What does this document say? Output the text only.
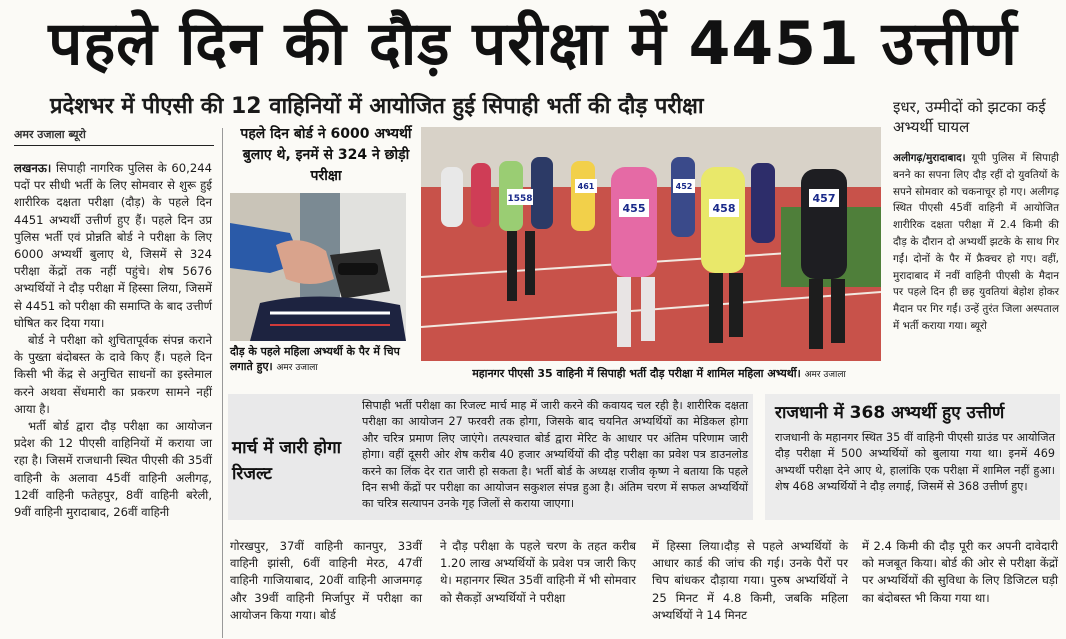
पहले दिन की दौड़ परीक्षा में 4451 उत्तीर्ण
प्रदेशभर में पीएसी की 12 वाहिनियों में आयोजित हुई सिपाही भर्ती की दौड़ परीक्षा	इधर, उम्मीदों को झटका कई अभ्यर्थी घायल
अमर उजाला ब्यूरो

लखनऊ। सिपाही नागरिक पुलिस के 60,244 पदों पर सीधी भर्ती के लिए सोमवार से शुरू हुई शारीरिक दक्षता परीक्षा (दौड़) के पहले दिन 4451 अभ्यर्थी उत्तीर्ण हुए हैं। पहले दिन उप्र पुलिस भर्ती एवं प्रोन्नति बोर्ड ने परीक्षा के लिए 6000 अभ्यर्थी बुलाए थे, जिसमें से 324 परीक्षा केंद्रों तक नहीं पहुंचे। शेष 5676 अभ्यर्थियों ने दौड़ परीक्षा में हिस्सा लिया, जिसमें से 4451 को परीक्षा की समाप्ति के बाद उत्तीर्ण घोषित कर दिया गया।

बोर्ड ने परीक्षा को शुचितापूर्वक संपन्न कराने के पुख्ता बंदोबस्त के दावे किए हैं। पहले दिन किसी भी केंद्र से अनुचित साधनों का इस्तेमाल करने अथवा सेंधमारी का प्रकरण सामने नहीं आया है।

भर्ती बोर्ड द्वारा दौड़ परीक्षा का आयोजन प्रदेश की 12 पीएसी वाहिनियों में कराया जा रहा है। जिसमें राजधानी स्थित पीएसी की 35वीं वाहिनी के अलावा 45वीं वाहिनी अलीगढ़, 12वीं वाहिनी फतेहपुर, 8वीं वाहिनी बरेली, 9वीं वाहिनी मुरादाबाद, 26वीं वाहिनी

पहले दिन बोर्ड ने 6000 अभ्यर्थी बुलाए थे, इनमें से 324 ने छोड़ी परीक्षा
दौड़ के पहले महिला अभ्यर्थी के पैर में चिप लगाते हुए। अमर उजाला
1558
455	458
452
457
461
महानगर पीएसी 35 वाहिनी में सिपाही भर्ती दौड़ परीक्षा में शामिल महिला अभ्यर्थी। अमर उजाला

अलीगढ़/मुरादाबाद। यूपी पुलिस में सिपाही बनने का सपना लिए दौड़ रहीं दो युवतियों के सपने सोमवार को चकनाचूर हो गए। अलीगढ़ स्थित पीएसी 45वीं वाहिनी में आयोजित शारीरिक दक्षता परीक्षा में 2.4 किमी की दौड़ के दौरान दो अभ्यर्थी झटके के साथ गिर गईं। दोनों के पैर में फ्रैक्चर हो गए। वहीं, मुरादाबाद में नवीं वाहिनी पीएसी के मैदान पर पहले दिन ही छह युवतियां बेहोश होकर मैदान पर गिर गईं। उन्हें तुरंत जिला अस्पताल में भर्ती कराया गया। ब्यूरो

सिपाही भर्ती परीक्षा का रिजल्ट मार्च माह में जारी करने की कवायद चल रही है। शारीरिक दक्षता परीक्षा का आयोजन 27 फरवरी तक होगा, जिसके बाद चयनित अभ्यर्थियों का मेडिकल होगा और चरित्र प्रमाण लिए जाएंगे। तत्पश्चात बोर्ड द्वारा मेरिट के आधार पर अंतिम परिणाम जारी होगा। वहीं दूसरी ओर शेष करीब 40 हजार अभ्यर्थियों की दौड़ परीक्षा का प्रवेश पत्र डाउनलोड करने का लिंक देर रात जारी हो सकता है। भर्ती बोर्ड के अध्यक्ष राजीव कृष्ण ने बताया कि पहले दिन सभी केंद्रों पर परीक्षा का आयोजन सकुशल संपन्न हुआ है। अंतिम चरण में सफल अभ्यर्थियों का चरित्र सत्यापन उनके गृह जिलों से कराया जाएगा।
मार्च में जारी होगा रिजल्ट
राजधानी में 368 अभ्यर्थी हुए उत्तीर्ण
राजधानी के महानगर स्थित 35 वीं वाहिनी पीएसी ग्राउंड पर आयोजित दौड़ परीक्षा में 500 अभ्यर्थियों को बुलाया गया था। इनमें 469 अभ्यर्थी परीक्षा देने आए थे, हालांकि एक परीक्षा में शामिल नहीं हुआ। शेष 468 अभ्यर्थियों ने दौड़ लगाई, जिसमें से 368 उत्तीर्ण हुए।
गोरखपुर, 37वीं वाहिनी कानपुर, 33वीं वाहिनी झांसी, 6वीं वाहिनी मेरठ, 47वीं वाहिनी गाजियाबाद, 20वीं वाहिनी आजमगढ़ और 39वीं वाहिनी मिर्जापुर में परीक्षा का आयोजन किया गया। बोर्ड
ने दौड़ परीक्षा के पहले चरण के तहत करीब 1.20 लाख अभ्यर्थियों के प्रवेश पत्र जारी किए थे। महानगर स्थित 35वीं वाहिनी में भी सोमवार को सैकड़ों अभ्यर्थियों ने परीक्षा
में हिस्सा लिया।दौड़ से पहले अभ्यर्थियों के आधार कार्ड की जांच की गई। उनके पैरों पर चिप बांधकर दौड़ाया गया। पुरुष अभ्यर्थियों ने 25 मिनट में 4.8 किमी, जबकि महिला अभ्यर्थियों ने 14 मिनट
में 2.4 किमी की दौड़ पूरी कर अपनी दावेदारी को मजबूत किया। बोर्ड की ओर से परीक्षा केंद्रों पर अभ्यर्थियों की सुविधा के लिए डिजिटल घड़ी का बंदोबस्त भी किया गया था।
